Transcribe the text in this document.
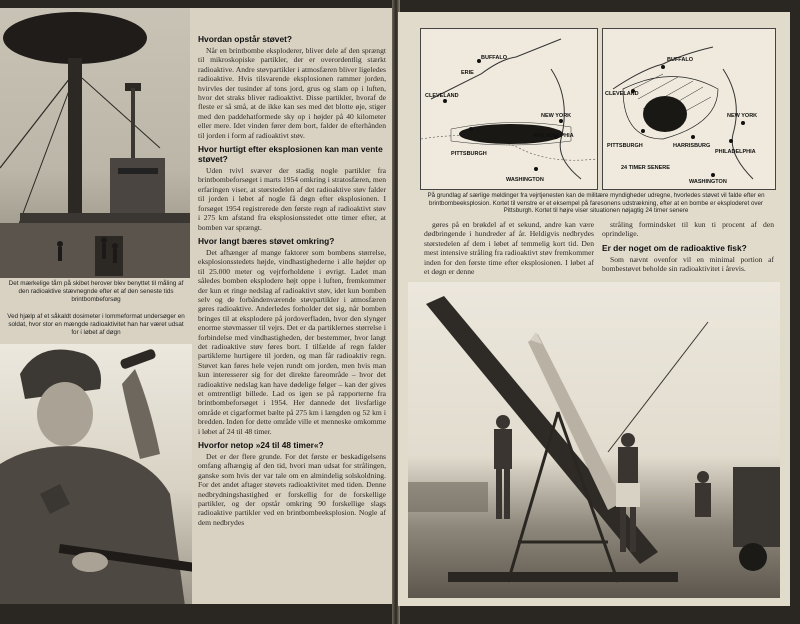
Det mærkelige tårn på skibet herover blev benyttet til måling af den radioaktive stævnegnde efter et af den seneste tids brintbombeforsøg
Ved hjælp af et såkaldt dosimeter i lommeformat undersøger en soldat, hvor stor en mængde radioaktivitet han har været udsat for i løbet af døgn
Hvordan opstår støvet?

Når en brintbombe eksploderer, bliver dele af den sprængt til mikroskopiske partikler, der er overordentlig stærkt radioaktive. Andre støvpartikler i atmosfæren bliver ligeledes radioaktive. Hvis tilsvarende eksplosionen rammer jorden, hvirvles der tusinder af tons jord, grus og slam op i luften, hvor det straks bliver radioaktivt. Disse partikler, hvoraf de fleste er så små, at de ikke kan ses med det blotte øje, stiger med den paddehatformede sky op i højder på 40 kilometer eller mere. Idet vinden fører dem bort, falder de efterhånden til jorden i form af radioaktivt støv.

Hvor hurtigt efter eksplosionen kan man vente støvet?

Uden tvivl svæver der stadig nogle partikler fra brintbombeforsøget i marts 1954 omkring i stratosfæren, men erfaringen viser, at størstedelen af det radioaktive støv falder til jorden i løbet af nogle få døgn efter eksplosionen. I forsøget 1954 registrerede den første regn af radioaktivt støv i 275 km afstand fra eksplosionsstedet otte timer efter, at bomben var sprængt.

Hvor langt bæres støvet omkring?

Det afhænger af mange faktorer som bombens størrelse, eksplosionsstedets højde, vindhastighederne i alle højder op til 25.000 meter og vejrforholdene i øvrigt. Ladet man således bomben eksplodere højt oppe i luften, fremkommer der kun et ringe nedslag af radioaktivt støv, idet kun bomben selv og de forbåndenværende støvpartikler i atmosfæren gøres radioaktive. Anderledes forholder det sig, når bomben bringes til at eksplodere på jordoverfladen, hvor den slynger enorme støvmasser til vejrs. Det er da partiklernes størrelse i forbindelse med vindhastigheden, der bestemmer, hvor langt det radioaktive støv føres bort. I tilfælde af regn falder partiklerne hurtigere til jorden, og man får radioaktiv regn. Støvet kan føres hele vejen rundt om jorden, men hvis man kun interesserer sig for det direkte fareområde – hvor det radioaktive nedslag kan have dødelige følger – kan der gives et omtrentligt billede. Lad os igen se på rapporterne fra brintbombeforsøget i 1954. Her dannede det livsfarlige område et cigarformet bælte på 275 km i længden og 52 km i bredden. Inden for dette område ville et menneske omkomme i løbet af 24 til 48 timer.

Hvorfor netop »24 til 48 timer«?

Det er der flere grunde. For det første er beskadigelsens omfang afhængig af den tid, hvori man udsat for strålingen, ganske som hvis der var tale om en almindelig solskoldning. For det andet aftager støvets radioaktivitet med tiden. Denne nedbrydningshastighed er forskellig for de forskellige partikler, og der opstår omkring 90 forskellige slags radioaktive partikler ved en brintbombeeksplosion. Nogle af dem nedbrydes

BUFFALO
ERIE
CLEVELAND
PITTSBURGH
PHILADELPHIA
NEW YORK
WASHINGTON
BUFFALO
CLEVELAND
PITTSBURGH	HARRISBURG
NEW YORK
PHILADELPHIA
24 TIMER SENERE
WASHINGTON
På grundlag af særlige meldinger fra vejrtjenesten kan de militære myndigheder udregne, hvorledes støvet vil falde efter en brintbombeeksplosion. Kortet til venstre er et eksempel på faresonens udstrækning, efter at en bombe er eksploderet over Pittsburgh. Kortet til højre viser situationen nøjagtig 24 timer senere

gøres på en brøkdel af et sekund, andre kan være dødbringende i hundreder af år. Heldigvis nedbrydes størstedelen af dem i løbet af temmelig kort tid. Den mest intensive stråling fra radioaktivt støv fremkommer inden for den første time efter eksplosionen. I løbet af et døgn er denne

stråling formindsket til kun ti procent af den oprindelige.

Er der noget om de radioaktive fisk?

Som nævnt ovenfor vil en minimal portion af bombestøvet beholde sin radioaktivitet i årevis.
